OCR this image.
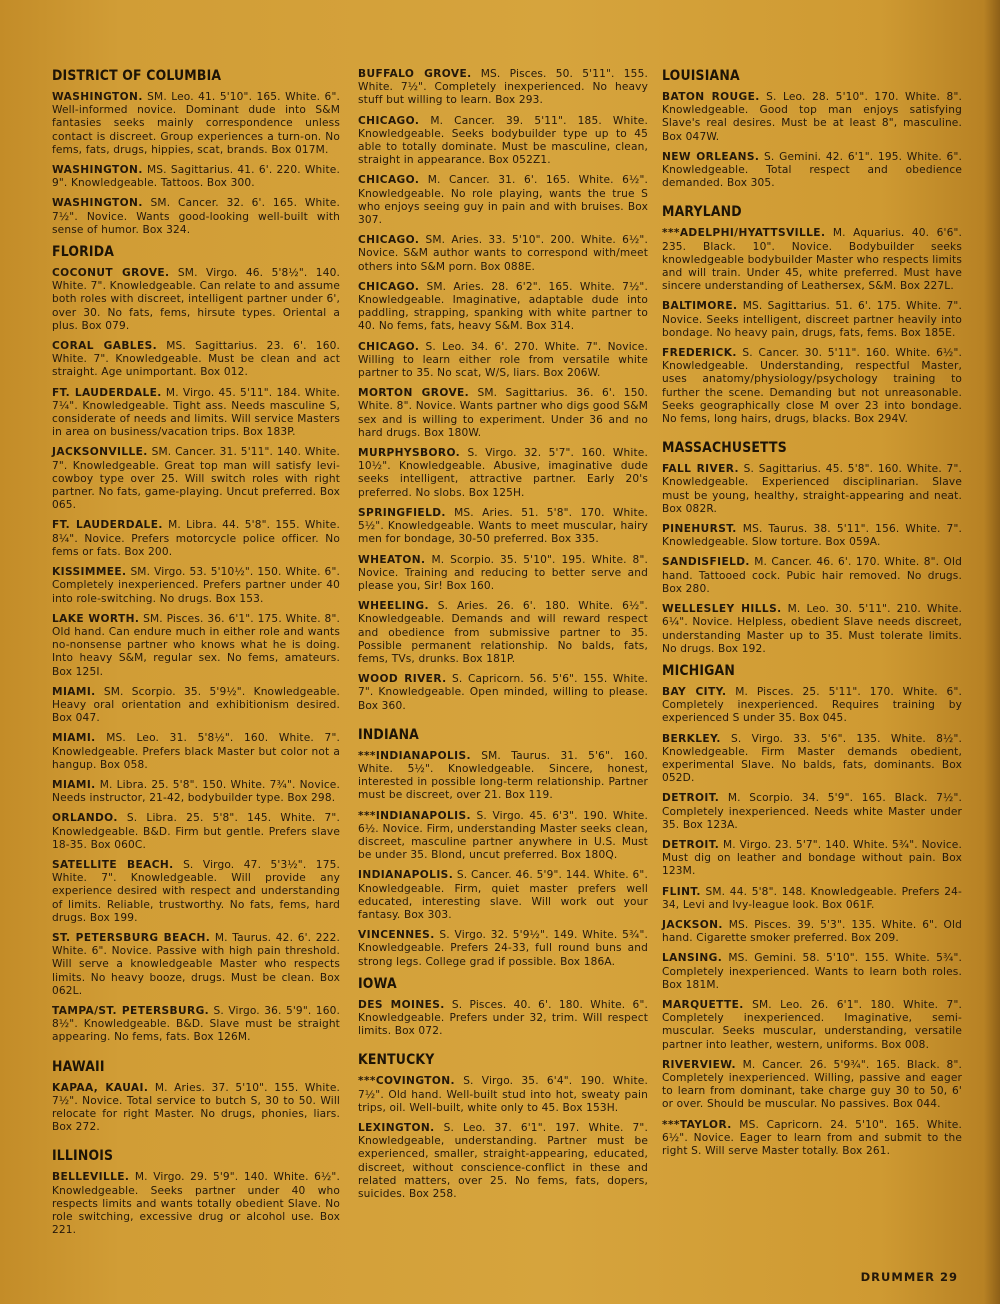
DISTRICT OF COLUMBIA
WASHINGTON. SM. Leo. 41. 5'10". 165. White. 6". Well-informed novice. Dominant dude into S&M fantasies seeks mainly correspondence unless contact is discreet. Group experiences a turn-on. No fems, fats, drugs, hippies, scat, brands. Box 017M.
WASHINGTON. MS. Sagittarius. 41. 6'. 220. White. 9". Knowledgeable. Tattoos. Box 300.
WASHINGTON. SM. Cancer. 32. 6'. 165. White. 7½". Novice. Wants good-looking well-built with sense of humor. Box 324.
FLORIDA
COCONUT GROVE. SM. Virgo. 46. 5'8½". 140. White. 7". Knowledgeable. Can relate to and assume both roles with discreet, intelligent partner under 6', over 30. No fats, fems, hirsute types. Oriental a plus. Box 079.
CORAL GABLES. MS. Sagittarius. 23. 6'. 160. White. 7". Knowledgeable. Must be clean and act straight. Age unimportant. Box 012.
FT. LAUDERDALE. M. Virgo. 45. 5'11". 184. White. 7¼". Knowledgeable. Tight ass. Needs masculine S, considerate of needs and limits. Will service Masters in area on business/vacation trips. Box 183P.
JACKSONVILLE. SM. Cancer. 31. 5'11". 140. White. 7". Knowledgeable. Great top man will satisfy levi-cowboy type over 25. Will switch roles with right partner. No fats, game-playing. Uncut preferred. Box 065.
FT. LAUDERDALE. M. Libra. 44. 5'8". 155. White. 8¼". Novice. Prefers motorcycle police officer. No fems or fats. Box 200.
KISSIMMEE. SM. Virgo. 53. 5'10½". 150. White. 6". Completely inexperienced. Prefers partner under 40 into role-switching. No drugs. Box 153.
LAKE WORTH. SM. Pisces. 36. 6'1". 175. White. 8". Old hand. Can endure much in either role and wants no-nonsense partner who knows what he is doing. Into heavy S&M, regular sex. No fems, amateurs. Box 125I.
MIAMI. SM. Scorpio. 35. 5'9½". Knowledgeable. Heavy oral orientation and exhibitionism desired. Box 047.
MIAMI. MS. Leo. 31. 5'8½". 160. White. 7". Knowledgeable. Prefers black Master but color not a hangup. Box 058.
MIAMI. M. Libra. 25. 5'8". 150. White. 7¾". Novice. Needs instructor, 21-42, bodybuilder type. Box 298.
ORLANDO. S. Libra. 25. 5'8". 145. White. 7". Knowledgeable. B&D. Firm but gentle. Prefers slave 18-35. Box 060C.
SATELLITE BEACH. S. Virgo. 47. 5'3½". 175. White. 7". Knowledgeable. Will provide any experience desired with respect and understanding of limits. Reliable, trustworthy. No fats, fems, hard drugs. Box 199.
ST. PETERSBURG BEACH. M. Taurus. 42. 6'. 222. White. 6". Novice. Passive with high pain threshold. Will serve a knowledgeable Master who respects limits. No heavy booze, drugs. Must be clean. Box 062L.
TAMPA/ST. PETERSBURG. S. Virgo. 36. 5'9". 160. 8½". Knowledgeable. B&D. Slave must be straight appearing. No fems, fats. Box 126M.
HAWAII
KAPAA, KAUAI. M. Aries. 37. 5'10". 155. White. 7½". Novice. Total service to butch S, 30 to 50. Will relocate for right Master. No drugs, phonies, liars. Box 272.
ILLINOIS
BELLEVILLE. M. Virgo. 29. 5'9". 140. White. 6½". Knowledgeable. Seeks partner under 40 who respects limits and wants totally obedient Slave. No role switching, excessive drug or alcohol use. Box 221.
BUFFALO GROVE. MS. Pisces. 50. 5'11". 155. White. 7½". Completely inexperienced. No heavy stuff but willing to learn. Box 293.
CHICAGO. M. Cancer. 39. 5'11". 185. White. Knowledgeable. Seeks bodybuilder type up to 45 able to totally dominate. Must be masculine, clean, straight in appearance. Box 052Z1.
CHICAGO. M. Cancer. 31. 6'. 165. White. 6½". Knowledgeable. No role playing, wants the true S who enjoys seeing guy in pain and with bruises. Box 307.
CHICAGO. SM. Aries. 33. 5'10". 200. White. 6½". Novice. S&M author wants to correspond with/meet others into S&M porn. Box 088E.
CHICAGO. SM. Aries. 28. 6'2". 165. White. 7½". Knowledgeable. Imaginative, adaptable dude into paddling, strapping, spanking with white partner to 40. No fems, fats, heavy S&M. Box 314.
CHICAGO. S. Leo. 34. 6'. 270. White. 7". Novice. Willing to learn either role from versatile white partner to 35. No scat, W/S, liars. Box 206W.
MORTON GROVE. SM. Sagittarius. 36. 6'. 150. White. 8". Novice. Wants partner who digs good S&M sex and is willing to experiment. Under 36 and no hard drugs. Box 180W.
MURPHYSBORO. S. Virgo. 32. 5'7". 160. White. 10½". Knowledgeable. Abusive, imaginative dude seeks intelligent, attractive partner. Early 20's preferred. No slobs. Box 125H.
SPRINGFIELD. MS. Aries. 51. 5'8". 170. White. 5½". Knowledgeable. Wants to meet muscular, hairy men for bondage, 30-50 preferred. Box 335.
WHEATON. M. Scorpio. 35. 5'10". 195. White. 8". Novice. Training and reducing to better serve and please you, Sir! Box 160.
WHEELING. S. Aries. 26. 6'. 180. White. 6½". Knowledgeable. Demands and will reward respect and obedience from submissive partner to 35. Possible permanent relationship. No balds, fats, fems, TVs, drunks. Box 181P.
WOOD RIVER. S. Capricorn. 56. 5'6". 155. White. 7". Knowledgeable. Open minded, willing to please. Box 360.
INDIANA
***INDIANAPOLIS. SM. Taurus. 31. 5'6". 160. White. 5½". Knowledgeable. Sincere, honest, interested in possible long-term relationship. Partner must be discreet, over 21. Box 119.
***INDIANAPOLIS. S. Virgo. 45. 6'3". 190. White. 6½. Novice. Firm, understanding Master seeks clean, discreet, masculine partner anywhere in U.S. Must be under 35. Blond, uncut preferred. Box 180Q.
INDIANAPOLIS. S. Cancer. 46. 5'9". 144. White. 6". Knowledgeable. Firm, quiet master prefers well educated, interesting slave. Will work out your fantasy. Box 303.
VINCENNES. S. Virgo. 32. 5'9½". 149. White. 5¾". Knowledgeable. Prefers 24-33, full round buns and strong legs. College grad if possible. Box 186A.
IOWA
DES MOINES. S. Pisces. 40. 6'. 180. White. 6". Knowledgeable. Prefers under 32, trim. Will respect limits. Box 072.
KENTUCKY
***COVINGTON. S. Virgo. 35. 6'4". 190. White. 7½". Old hand. Well-built stud into hot, sweaty pain trips, oil. Well-built, white only to 45. Box 153H.
LEXINGTON. S. Leo. 37. 6'1". 197. White. 7". Knowledgeable, understanding. Partner must be experienced, smaller, straight-appearing, educated, discreet, without conscience-conflict in these and related matters, over 25. No fems, fats, dopers, suicides. Box 258.
LOUISIANA
BATON ROUGE. S. Leo. 28. 5'10". 170. White. 8". Knowledgeable. Good top man enjoys satisfying Slave's real desires. Must be at least 8", masculine. Box 047W.
NEW ORLEANS. S. Gemini. 42. 6'1". 195. White. 6". Knowledgeable. Total respect and obedience demanded. Box 305.
MARYLAND
***ADELPHI/HYATTSVILLE. M. Aquarius. 40. 6'6". 235. Black. 10". Novice. Bodybuilder seeks knowledgeable bodybuilder Master who respects limits and will train. Under 45, white preferred. Must have sincere understanding of Leathersex, S&M. Box 227L.
BALTIMORE. MS. Sagittarius. 51. 6'. 175. White. 7". Novice. Seeks intelligent, discreet partner heavily into bondage. No heavy pain, drugs, fats, fems. Box 185E.
FREDERICK. S. Cancer. 30. 5'11". 160. White. 6½". Knowledgeable. Understanding, respectful Master, uses anatomy/physiology/psychology training to further the scene. Demanding but not unreasonable. Seeks geographically close M over 23 into bondage. No fems, long hairs, drugs, blacks. Box 294V.
MASSACHUSETTS
FALL RIVER. S. Sagittarius. 45. 5'8". 160. White. 7". Knowledgeable. Experienced disciplinarian. Slave must be young, healthy, straight-appearing and neat. Box 082R.
PINEHURST. MS. Taurus. 38. 5'11". 156. White. 7". Knowledgeable. Slow torture. Box 059A.
SANDISFIELD. M. Cancer. 46. 6'. 170. White. 8". Old hand. Tattooed cock. Pubic hair removed. No drugs. Box 280.
WELLESLEY HILLS. M. Leo. 30. 5'11". 210. White. 6¼". Novice. Helpless, obedient Slave needs discreet, understanding Master up to 35. Must tolerate limits. No drugs. Box 192.
MICHIGAN
BAY CITY. M. Pisces. 25. 5'11". 170. White. 6". Completely inexperienced. Requires training by experienced S under 35. Box 045.
BERKLEY. S. Virgo. 33. 5'6". 135. White. 8½". Knowledgeable. Firm Master demands obedient, experimental Slave. No balds, fats, dominants. Box 052D.
DETROIT. M. Scorpio. 34. 5'9". 165. Black. 7½". Completely inexperienced. Needs white Master under 35. Box 123A.
DETROIT. M. Virgo. 23. 5'7". 140. White. 5¾". Novice. Must dig on leather and bondage without pain. Box 123M.
FLINT. SM. 44. 5'8". 148. Knowledgeable. Prefers 24-34, Levi and Ivy-league look. Box 061F.
JACKSON. MS. Pisces. 39. 5'3". 135. White. 6". Old hand. Cigarette smoker preferred. Box 209.
LANSING. MS. Gemini. 58. 5'10". 155. White. 5¾". Completely inexperienced. Wants to learn both roles. Box 181M.
MARQUETTE. SM. Leo. 26. 6'1". 180. White. 7". Completely inexperienced. Imaginative, semi-muscular. Seeks muscular, understanding, versatile partner into leather, western, uniforms. Box 008.
RIVERVIEW. M. Cancer. 26. 5'9¾". 165. Black. 8". Completely inexperienced. Willing, passive and eager to learn from dominant, take charge guy 30 to 50, 6' or over. Should be muscular. No passives. Box 044.
***TAYLOR. MS. Capricorn. 24. 5'10". 165. White. 6½". Novice. Eager to learn from and submit to the right S. Will serve Master totally. Box 261.
DRUMMER 29
